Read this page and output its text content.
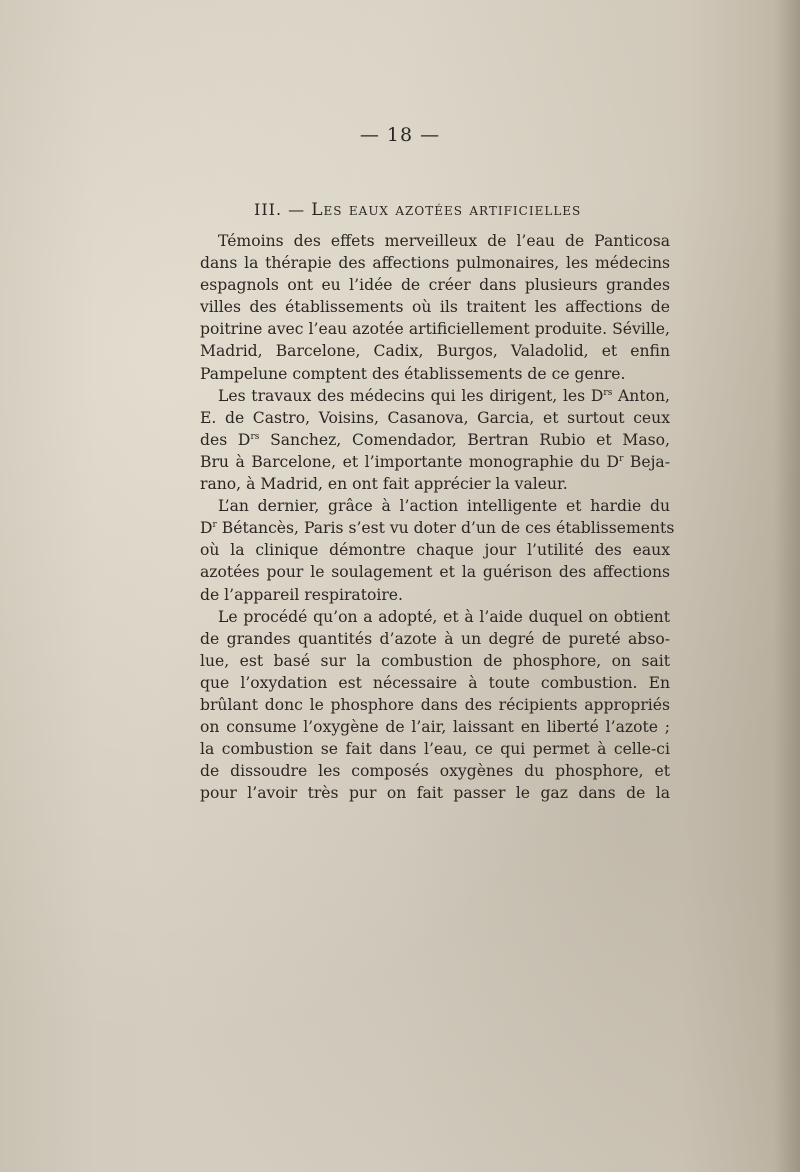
— 18 —
III. — Les eaux azotées artificielles
Témoins des effets merveilleux de l’eau de Panticosa
dans la thérapie des affections pulmonaires, les médecins
espagnols ont eu l’idée de créer dans plusieurs grandes
villes des établissements où ils traitent les affections de
poitrine avec l’eau azotée artificiellement produite. Séville,
Madrid, Barcelone, Cadix, Burgos, Valadolid, et enfin
Pampelune comptent des établissements de ce genre.
Les travaux des médecins qui les dirigent, les $D^{rs}$ Anton,
E. de Castro, Voisins, Casanova, Garcia, et surtout ceux
des $D^{rs}$ Sanchez, Comendador, Bertran Rubio et Maso,
Bru à Barcelone, et l’importante monographie du $D^r$ Beja-
rano, à Madrid, en ont fait apprécier la valeur.
L’an dernier, grâce à l’action intelligente et hardie du
$D^r$ Bétancès, Paris s’est vu doter d’un de ces établissements
où la clinique démontre chaque jour l’utilité des eaux
azotées pour le soulagement et la guérison des affections
de l’appareil respiratoire.
Le procédé qu’on a adopté, et à l’aide duquel on obtient
de grandes quantités d’azote à un degré de pureté abso-
lue, est basé sur la combustion de phosphore, on sait
que l’oxydation est nécessaire à toute combustion. En
brûlant donc le phosphore dans des récipients appropriés
on consume l’oxygène de l’air, laissant en liberté l’azote ;
la combustion se fait dans l’eau, ce qui permet à celle-ci
de dissoudre les composés oxygènes du phosphore, et
pour l’avoir très pur on fait passer le gaz dans de la
